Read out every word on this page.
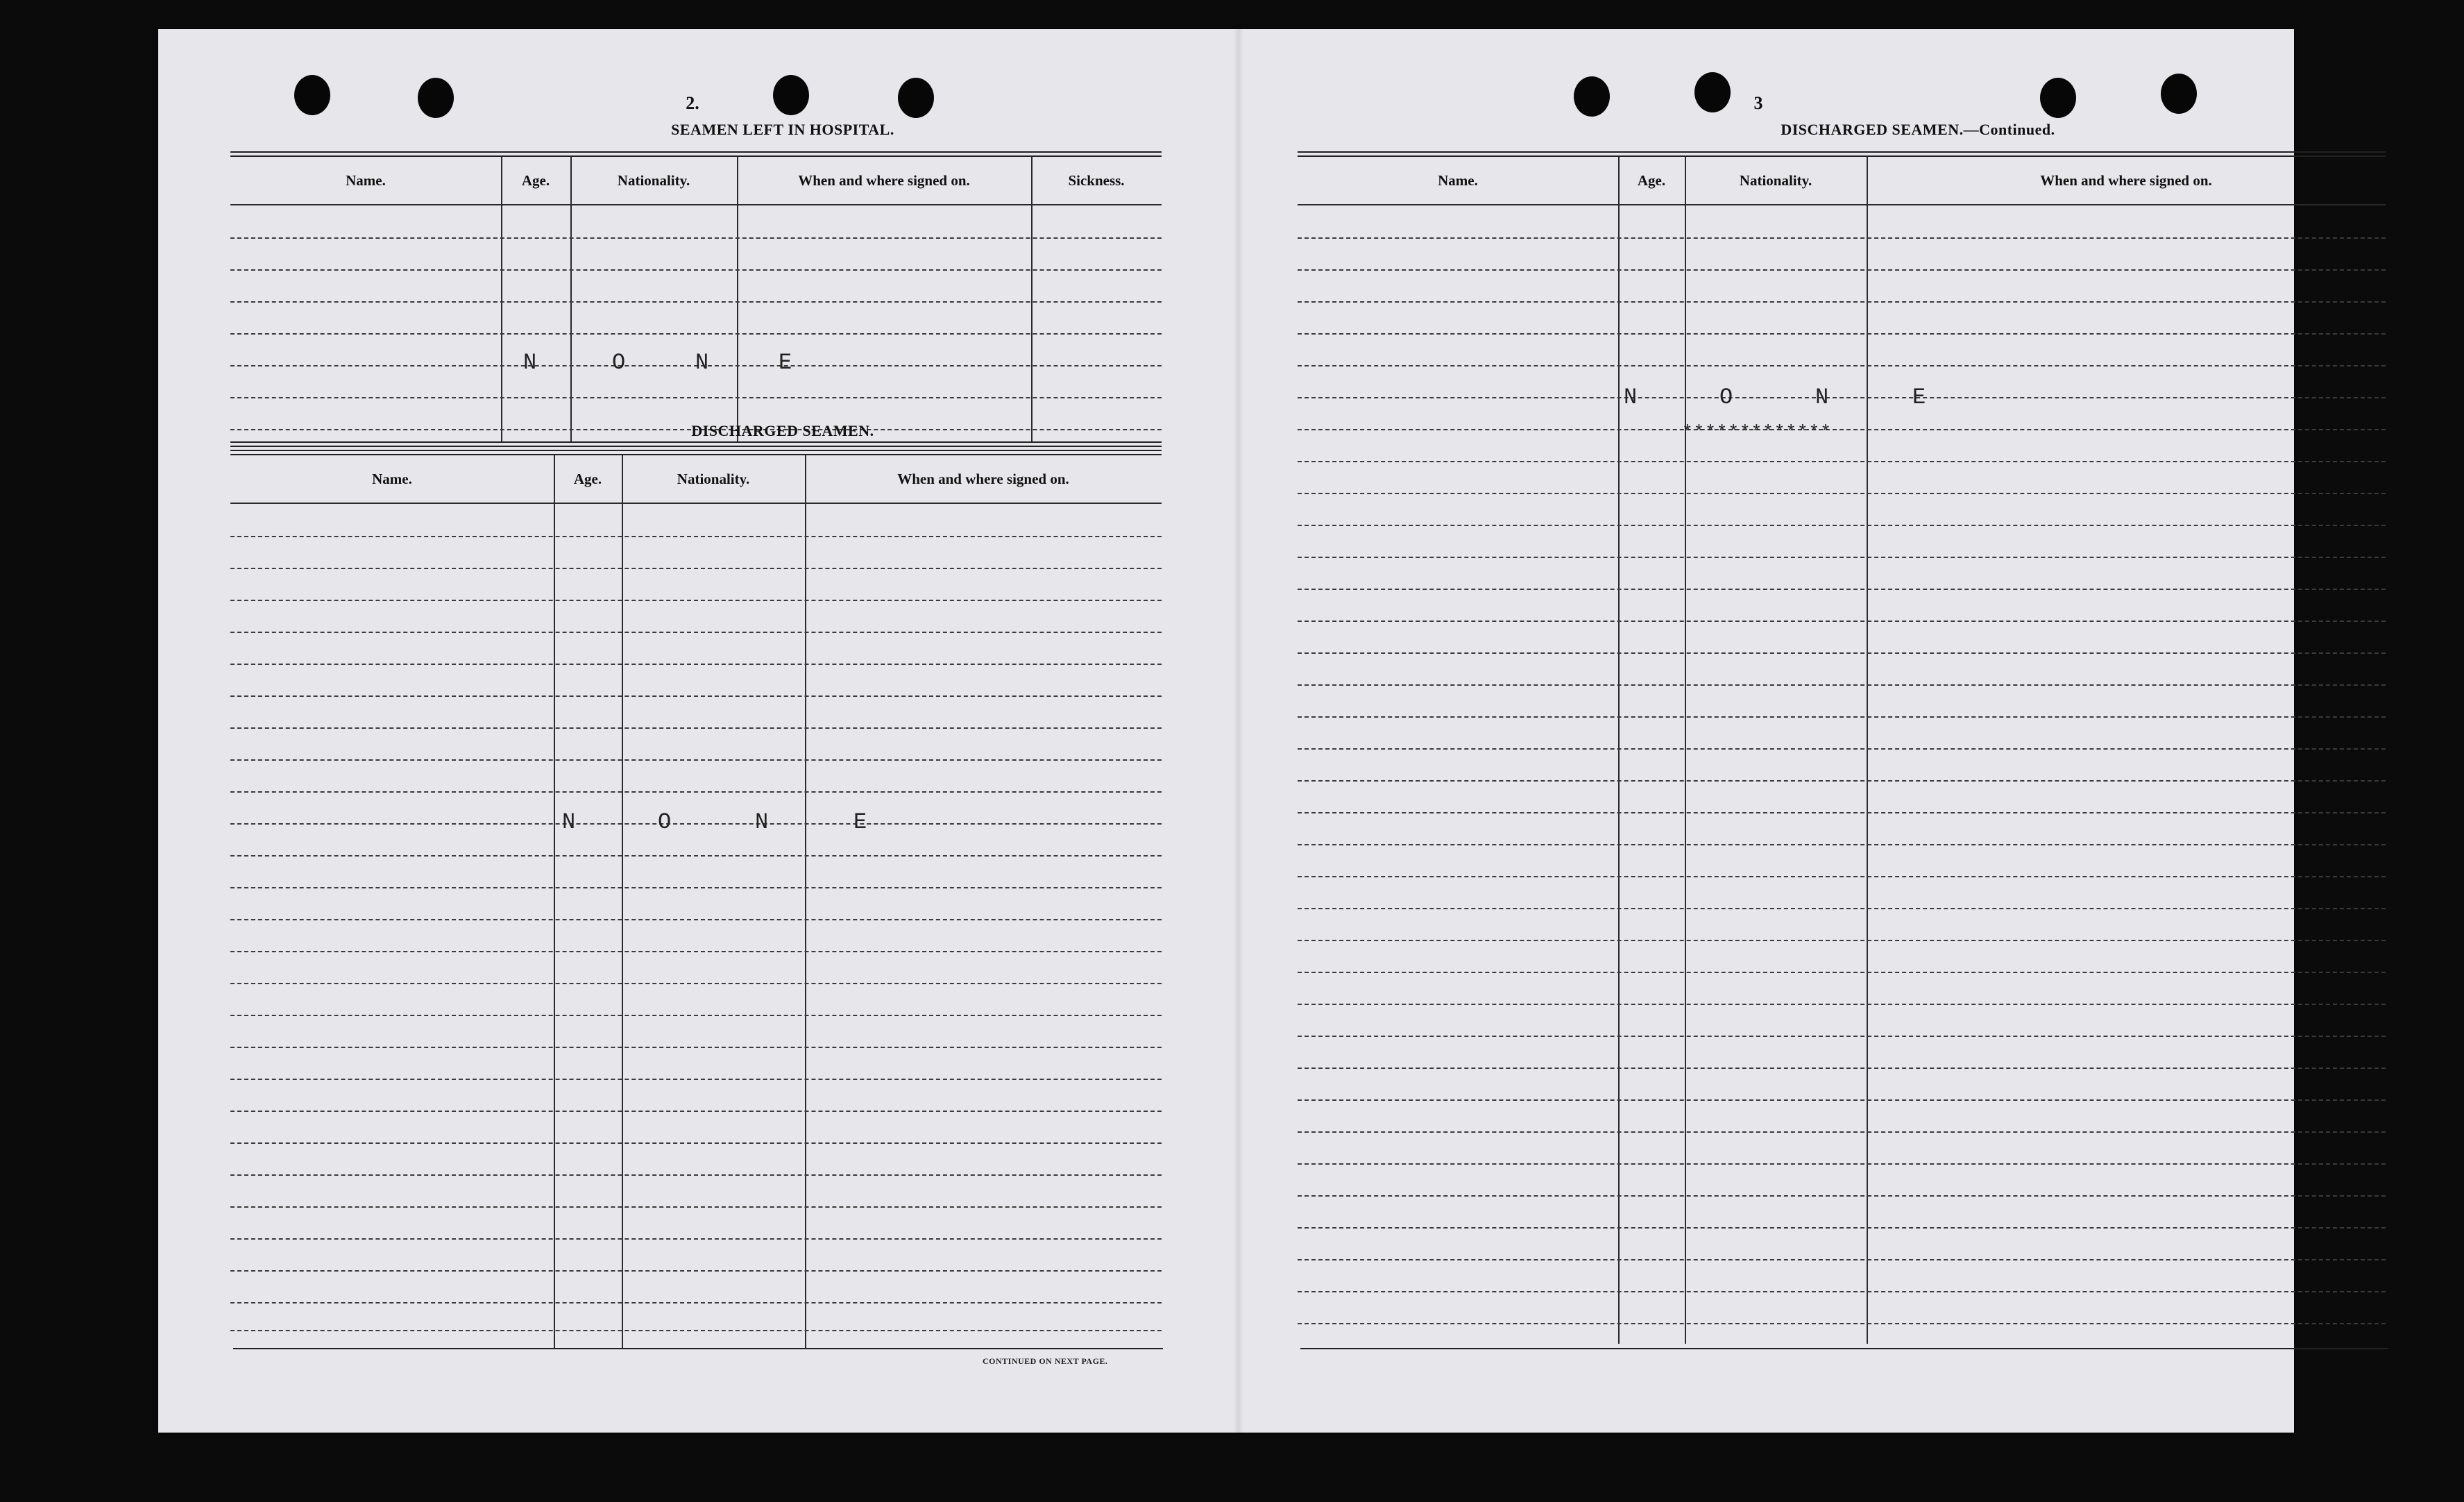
2.
SEAMEN LEFT IN HOSPITAL.
Name.	Age.	Nationality.	When and where signed on.	Sickness.
N	O	N	E
DISCHARGED SEAMEN.
Name.	Age.	Nationality.	When and where signed on.
N	O	N	E
CONTINUED ON NEXT PAGE.
3
DISCHARGED SEAMEN.—Continued.
Name.	Age.	Nationality.	When and where signed on.
N	O	N	E
*************
